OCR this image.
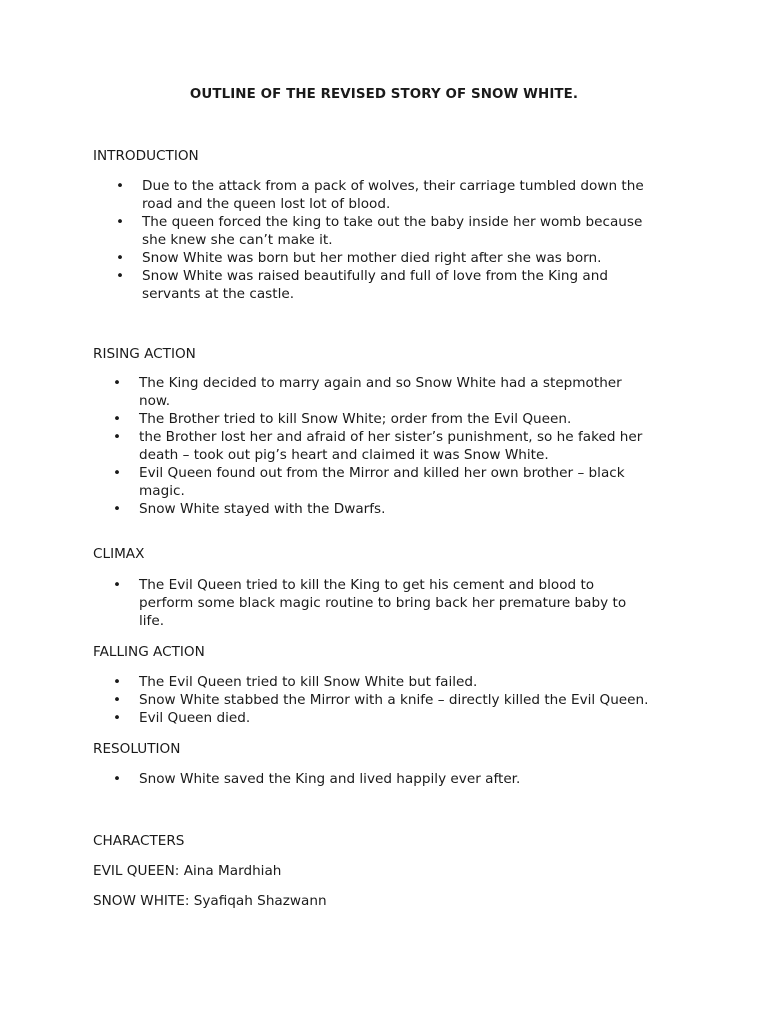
OUTLINE OF THE REVISED STORY OF SNOW WHITE.
INTRODUCTION
• Due to the attack from a pack of wolves, their carriage tumbled down the
road and the queen lost lot of blood.
• The queen forced the king to take out the baby inside her womb because
she knew she can’t make it.
• Snow White was born but her mother died right after she was born.
• Snow White was raised beautifully and full of love from the King and
servants at the castle.
RISING ACTION
• The King decided to marry again and so Snow White had a stepmother
now.
• The Brother tried to kill Snow White; order from the Evil Queen.
• the Brother lost her and afraid of her sister’s punishment, so he faked her
death – took out pig’s heart and claimed it was Snow White.
• Evil Queen found out from the Mirror and killed her own brother – black
magic.
• Snow White stayed with the Dwarfs.
CLIMAX
• The Evil Queen tried to kill the King to get his cement and blood to
perform some black magic routine to bring back her premature baby to
life.
FALLING ACTION
• The Evil Queen tried to kill Snow White but failed.
• Snow White stabbed the Mirror with a knife – directly killed the Evil Queen.
• Evil Queen died.
RESOLUTION
• Snow White saved the King and lived happily ever after.
CHARACTERS
EVIL QUEEN: Aina Mardhiah
SNOW WHITE: Syafiqah Shazwann
